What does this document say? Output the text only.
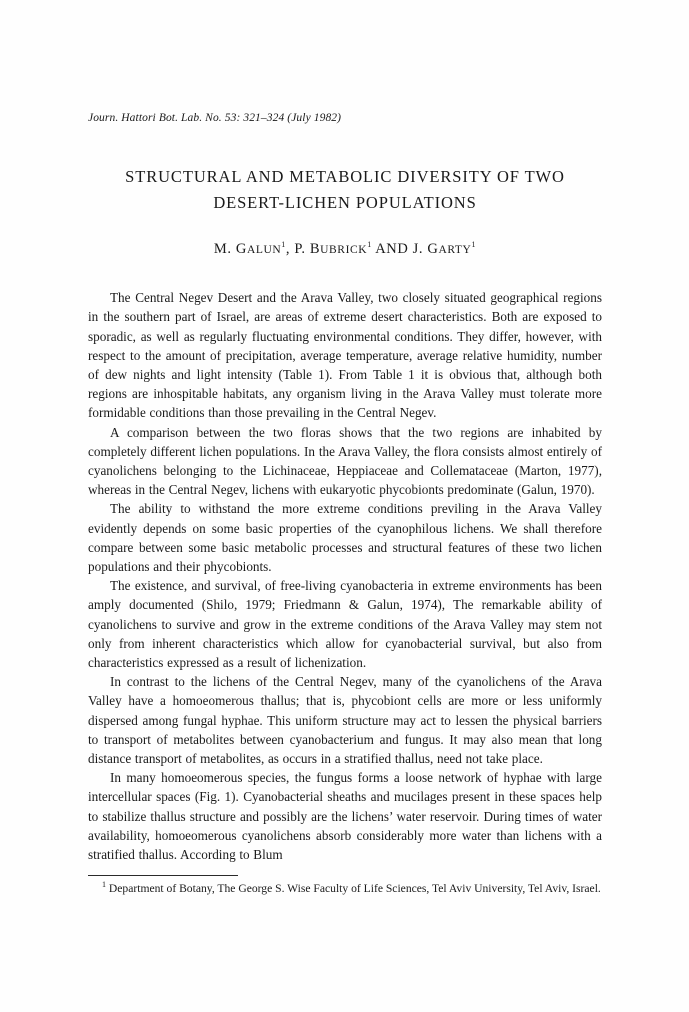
Journ. Hattori Bot. Lab. No. 53: 321–324 (July 1982)
STRUCTURAL AND METABOLIC DIVERSITY OF TWO
DESERT-LICHEN POPULATIONS
M. GALUN$^1$, P. BUBRICK$^1$ AND J. GARTY$^1$

The Central Negev Desert and the Arava Valley, two closely situated geographical regions in the southern part of Israel, are areas of extreme desert characteristics. Both are exposed to sporadic, as well as regularly fluctuating environmental conditions. They differ, however, with respect to the amount of precipitation, average temperature, average relative humidity, number of dew nights and light intensity (Table 1). From Table 1 it is obvious that, although both regions are inhospitable habitats, any organism living in the Arava Valley must tolerate more formidable conditions than those prevailing in the Central Negev.

A comparison between the two floras shows that the two regions are inhabited by completely different lichen populations. In the Arava Valley, the flora consists almost entirely of cyanolichens belonging to the Lichinaceae, Heppiaceae and Collemataceae (Marton, 1977), whereas in the Central Negev, lichens with eukaryotic phycobionts predominate (Galun, 1970).

The ability to withstand the more extreme conditions previling in the Arava Valley evidently depends on some basic properties of the cyanophilous lichens. We shall therefore compare between some basic metabolic processes and structural features of these two lichen populations and their phycobionts.

The existence, and survival, of free-living cyanobacteria in extreme environments has been amply documented (Shilo, 1979; Friedmann & Galun, 1974), The remarkable ability of cyanolichens to survive and grow in the extreme conditions of the Arava Valley may stem not only from inherent characteristics which allow for cyanobacterial survival, but also from characteristics expressed as a result of lichenization.

In contrast to the lichens of the Central Negev, many of the cyanolichens of the Arava Valley have a homoeomerous thallus; that is, phycobiont cells are more or less uniformly dispersed among fungal hyphae. This uniform structure may act to lessen the physical barriers to transport of metabolites between cyanobacterium and fungus. It may also mean that long distance transport of metabolites, as occurs in a stratified thallus, need not take place.

In many homoeomerous species, the fungus forms a loose network of hyphae with large intercellular spaces (Fig. 1). Cyanobacterial sheaths and mucilages present in these spaces help to stabilize thallus structure and possibly are the lichens’ water reservoir. During times of water availability, homoeomerous cyanolichens absorb considerably more water than lichens with a stratified thallus. According to Blum

$^1$ Department of Botany, The George S. Wise Faculty of Life Sciences, Tel Aviv University, Tel Aviv, Israel.
